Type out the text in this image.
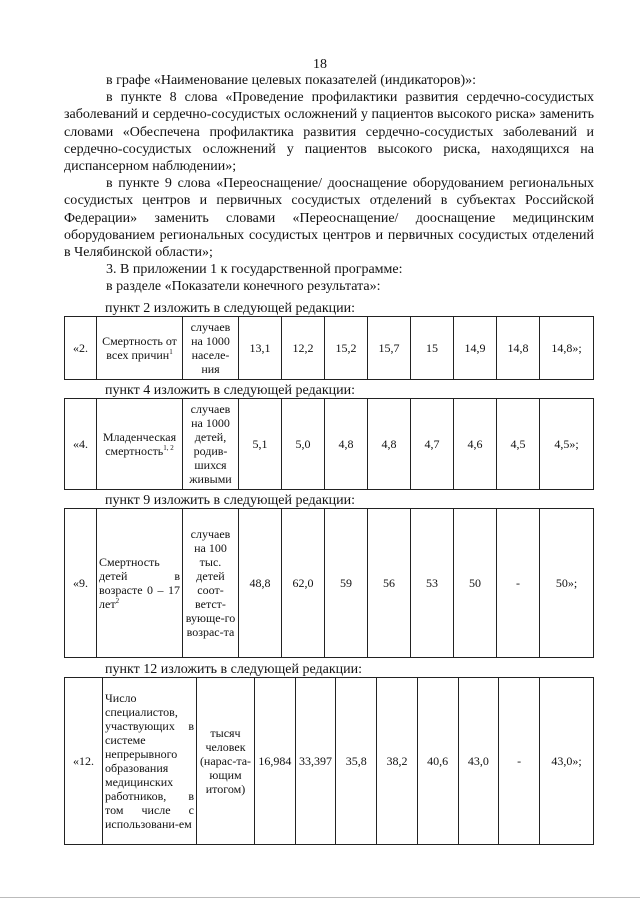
18

в графе «Наименование целевых показателей (индикаторов)»:

в пункте 8 слова «Проведение профилактики развития сердечно-сосудистых заболеваний и сердечно-сосудистых осложнений у пациентов высокого риска» заменить словами «Обеспечена профилактика развития сердечно-сосудистых заболеваний и сердечно-сосудистых осложнений у пациентов высокого риска, находящихся на диспансерном наблюдении»;

в пункте 9 слова «Переоснащение/ дооснащение оборудованием региональных сосудистых центров и первичных сосудистых отделений в субъектах Российской Федерации» заменить словами «Переоснащение/ дооснащение медицинским оборудованием региональных сосудистых центров и первичных сосудистых отделений в Челябинской области»;

3. В приложении 1 к государственной программе:

в разделе «Показатели конечного результата»:

пункт 2 изложить в следующей редакции:
«2.	Смертность от всех причин$^1$	случаев на 1000 населе-ния	13,1	12,2	15,2	15,7	15	14,9	14,8	14,8»;
пункт 4 изложить в следующей редакции:
«4.	Младенческая смертность$^{1, 2}$	случаев на 1000 детей, родив-шихся живыми	5,1	5,0	4,8	4,8	4,7	4,6	4,5	4,5»;
пункт 9 изложить в следующей редакции:
«9.	Смертность детей в возрасте 0 – 17 лет$^2$	случаев на 100 тыс. детей соот-ветст-вующе-го возрас-та	48,8	62,0	59	56	53	50	-	50»;
пункт 12 изложить в следующей редакции:
«12.	Число специалистов, участвующих в системе непрерывного образования медицинских работников, в том числе с использовани-ем	тысяч человек (нарас-та-ющим итогом)	16,984	33,397	35,8	38,2	40,6	43,0	-	43,0»;
